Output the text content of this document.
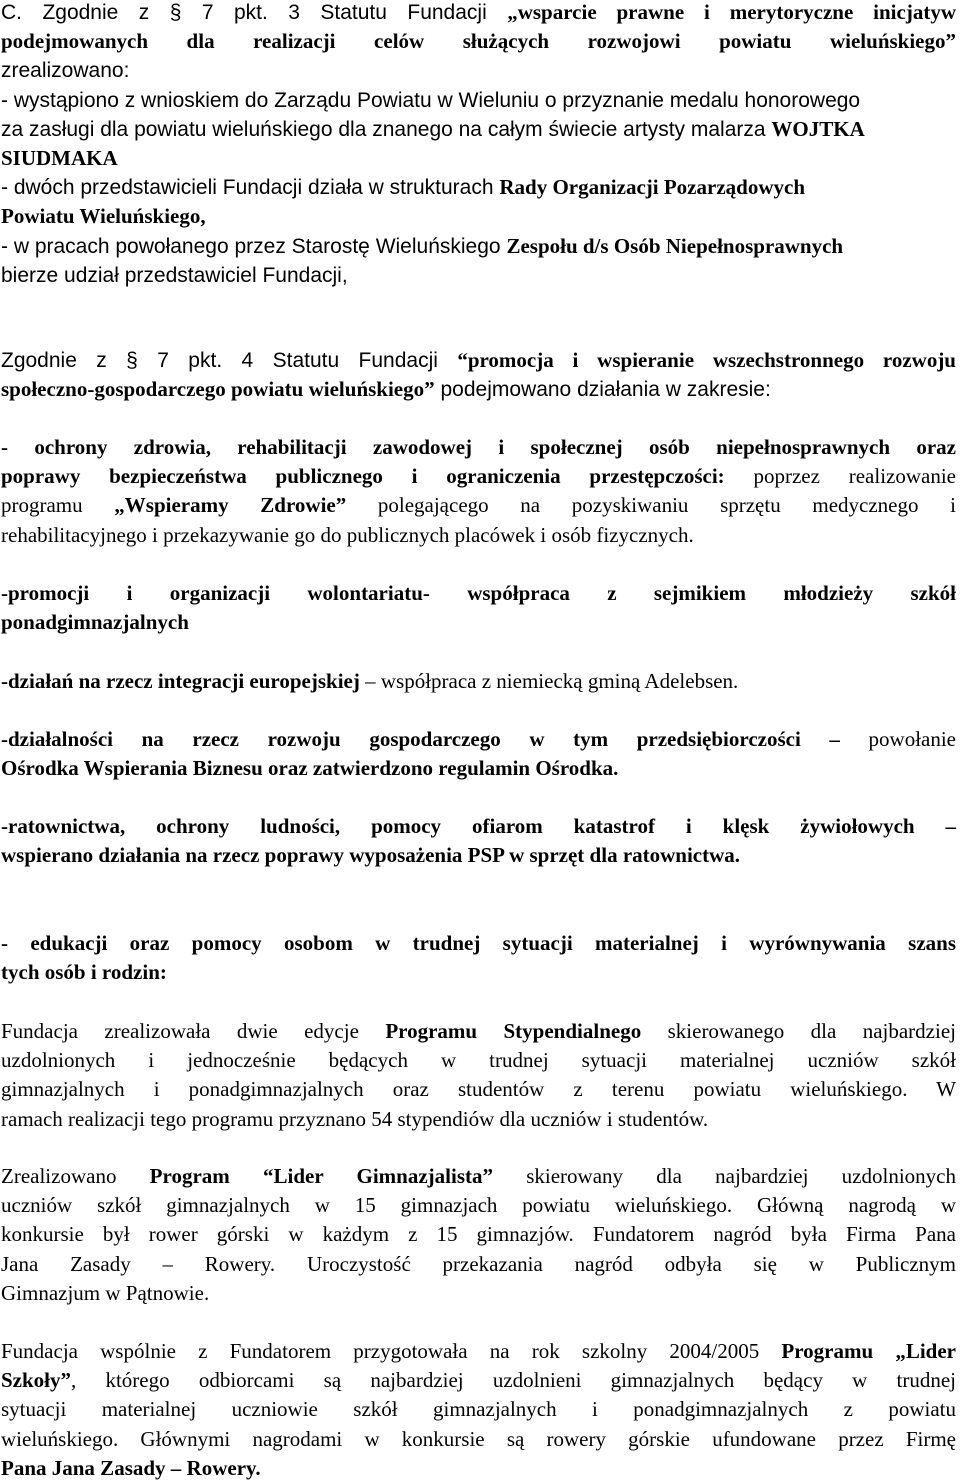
C. Zgodnie z § 7 pkt. 3 Statutu Fundacji „wsparcie prawne i merytoryczne inicjatyw
podejmowanych dla realizacji celów służących rozwojowi powiatu wieluńskiego”
zrealizowano:
- wystąpiono z wnioskiem do Zarządu Powiatu w Wieluniu o przyznanie medalu honorowego
za zasługi dla powiatu wieluńskiego dla znanego na całym świecie artysty malarza WOJTKA
SIUDMAKA
- dwóch przedstawicieli Fundacji działa w strukturach Rady Organizacji Pozarządowych
Powiatu Wieluńskiego,
- w pracach powołanego przez Starostę Wieluńskiego Zespołu d/s Osób Niepełnosprawnych
bierze udział przedstawiciel Fundacji,
Zgodnie z § 7 pkt. 4 Statutu Fundacji “promocja i wspieranie wszechstronnego rozwoju
społeczno-gospodarczego powiatu wieluńskiego” podejmowano działania w zakresie:
- ochrony zdrowia, rehabilitacji zawodowej i społecznej osób niepełnosprawnych oraz
poprawy bezpieczeństwa publicznego i ograniczenia przestępczości: poprzez realizowanie
programu „Wspieramy Zdrowie” polegającego na pozyskiwaniu sprzętu medycznego i
rehabilitacyjnego i przekazywanie go do publicznych placówek i osób fizycznych.
-promocji i organizacji wolontariatu- współpraca z sejmikiem młodzieży szkół
ponadgimnazjalnych
-działań na rzecz integracji europejskiej – współpraca z niemiecką gminą Adelebsen.
-działalności na rzecz rozwoju gospodarczego w tym przedsiębiorczości – powołanie
Ośrodka Wspierania Biznesu oraz zatwierdzono regulamin Ośrodka.
-ratownictwa, ochrony ludności, pomocy ofiarom katastrof i klęsk żywiołowych –
wspierano działania na rzecz poprawy wyposażenia PSP w sprzęt dla ratownictwa.
- edukacji oraz pomocy osobom w trudnej sytuacji materialnej i wyrównywania szans
tych osób i rodzin:
Fundacja zrealizowała dwie edycje Programu Stypendialnego skierowanego dla najbardziej
uzdolnionych i jednocześnie będących w trudnej sytuacji materialnej uczniów szkół
gimnazjalnych i ponadgimnazjalnych oraz studentów z terenu powiatu wieluńskiego. W
ramach realizacji tego programu przyznano 54 stypendiów dla uczniów i studentów.
Zrealizowano Program “Lider Gimnazjalista” skierowany dla najbardziej uzdolnionych
uczniów szkół gimnazjalnych w 15 gimnazjach powiatu wieluńskiego. Główną nagrodą w
konkursie był rower górski w każdym z 15 gimnazjów. Fundatorem nagród była Firma Pana
Jana Zasady – Rowery. Uroczystość przekazania nagród odbyła się w Publicznym
Gimnazjum w Pątnowie.
Fundacja wspólnie z Fundatorem przygotowała na rok szkolny 2004/2005 Programu „Lider
Szkoły”, którego odbiorcami są najbardziej uzdolnieni gimnazjalnych będący w trudnej
sytuacji materialnej uczniowie szkół gimnazjalnych i ponadgimnazjalnych z powiatu
wieluńskiego. Głównymi nagrodami w konkursie są rowery górskie ufundowane przez Firmę
Pana Jana Zasady – Rowery.
